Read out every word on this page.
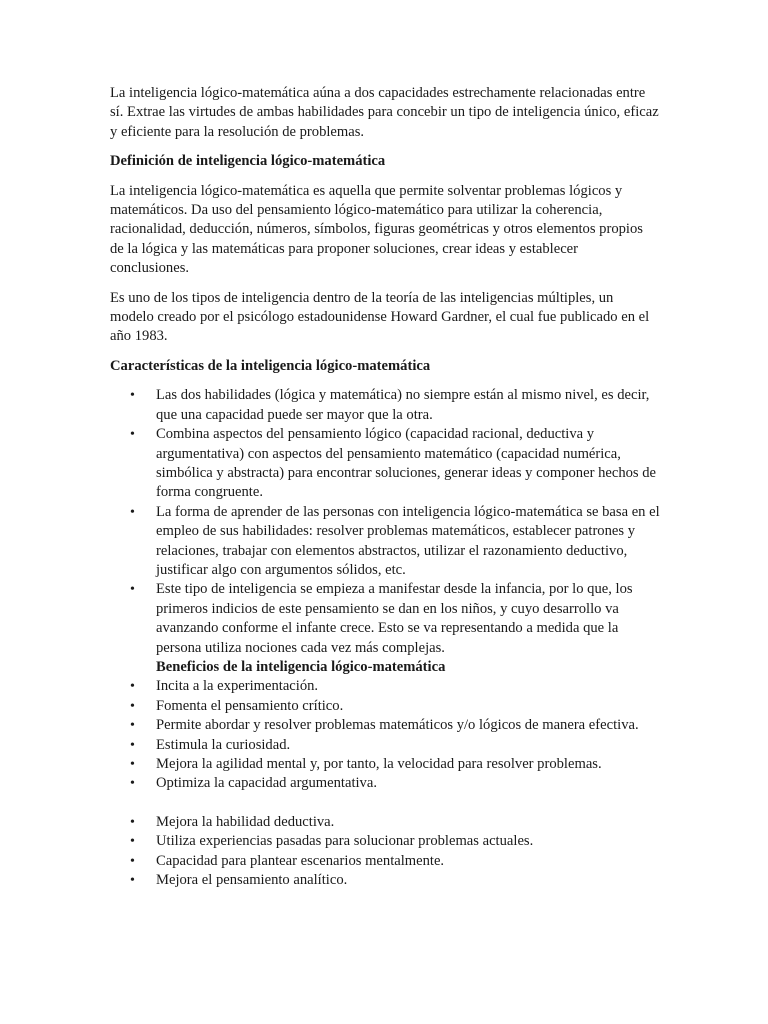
La inteligencia lógico-matemática aúna a dos capacidades estrechamente relacionadas entre sí. Extrae las virtudes de ambas habilidades para concebir un tipo de inteligencia único, eficaz y eficiente para la resolución de problemas.

Definición de inteligencia lógico-matemática

La inteligencia lógico-matemática es aquella que permite solventar problemas lógicos y matemáticos. Da uso del pensamiento lógico-matemático para utilizar la coherencia, racionalidad, deducción, números, símbolos, figuras geométricas y otros elementos propios de la lógica y las matemáticas para proponer soluciones, crear ideas y establecer conclusiones.

Es uno de los tipos de inteligencia dentro de la teoría de las inteligencias múltiples, un modelo creado por el psicólogo estadounidense Howard Gardner, el cual fue publicado en el año 1983.

Características de la inteligencia lógico-matemática
• Las dos habilidades (lógica y matemática) no siempre están al mismo nivel, es decir, que una capacidad puede ser mayor que la otra.
• Combina aspectos del pensamiento lógico (capacidad racional, deductiva y argumentativa) con aspectos del pensamiento matemático (capacidad numérica, simbólica y abstracta) para encontrar soluciones, generar ideas y componer hechos de forma congruente.
• La forma de aprender de las personas con inteligencia lógico-matemática se basa en el empleo de sus habilidades: resolver problemas matemáticos, establecer patrones y relaciones, trabajar con elementos abstractos, utilizar el razonamiento deductivo, justificar algo con argumentos sólidos, etc.
• Este tipo de inteligencia se empieza a manifestar desde la infancia, por lo que, los primeros indicios de este pensamiento se dan en los niños, y cuyo desarrollo va avanzando conforme el infante crece. Esto se va representando a medida que la persona utiliza nociones cada vez más complejas.
Beneficios de la inteligencia lógico-matemática
• Incita a la experimentación.
• Fomenta el pensamiento crítico.
• Permite abordar y resolver problemas matemáticos y/o lógicos de manera efectiva.
• Estimula la curiosidad.
• Mejora la agilidad mental y, por tanto, la velocidad para resolver problemas.
• Optimiza la capacidad argumentativa.
• Mejora la habilidad deductiva.
• Utiliza experiencias pasadas para solucionar problemas actuales.
• Capacidad para plantear escenarios mentalmente.
• Mejora el pensamiento analítico.
